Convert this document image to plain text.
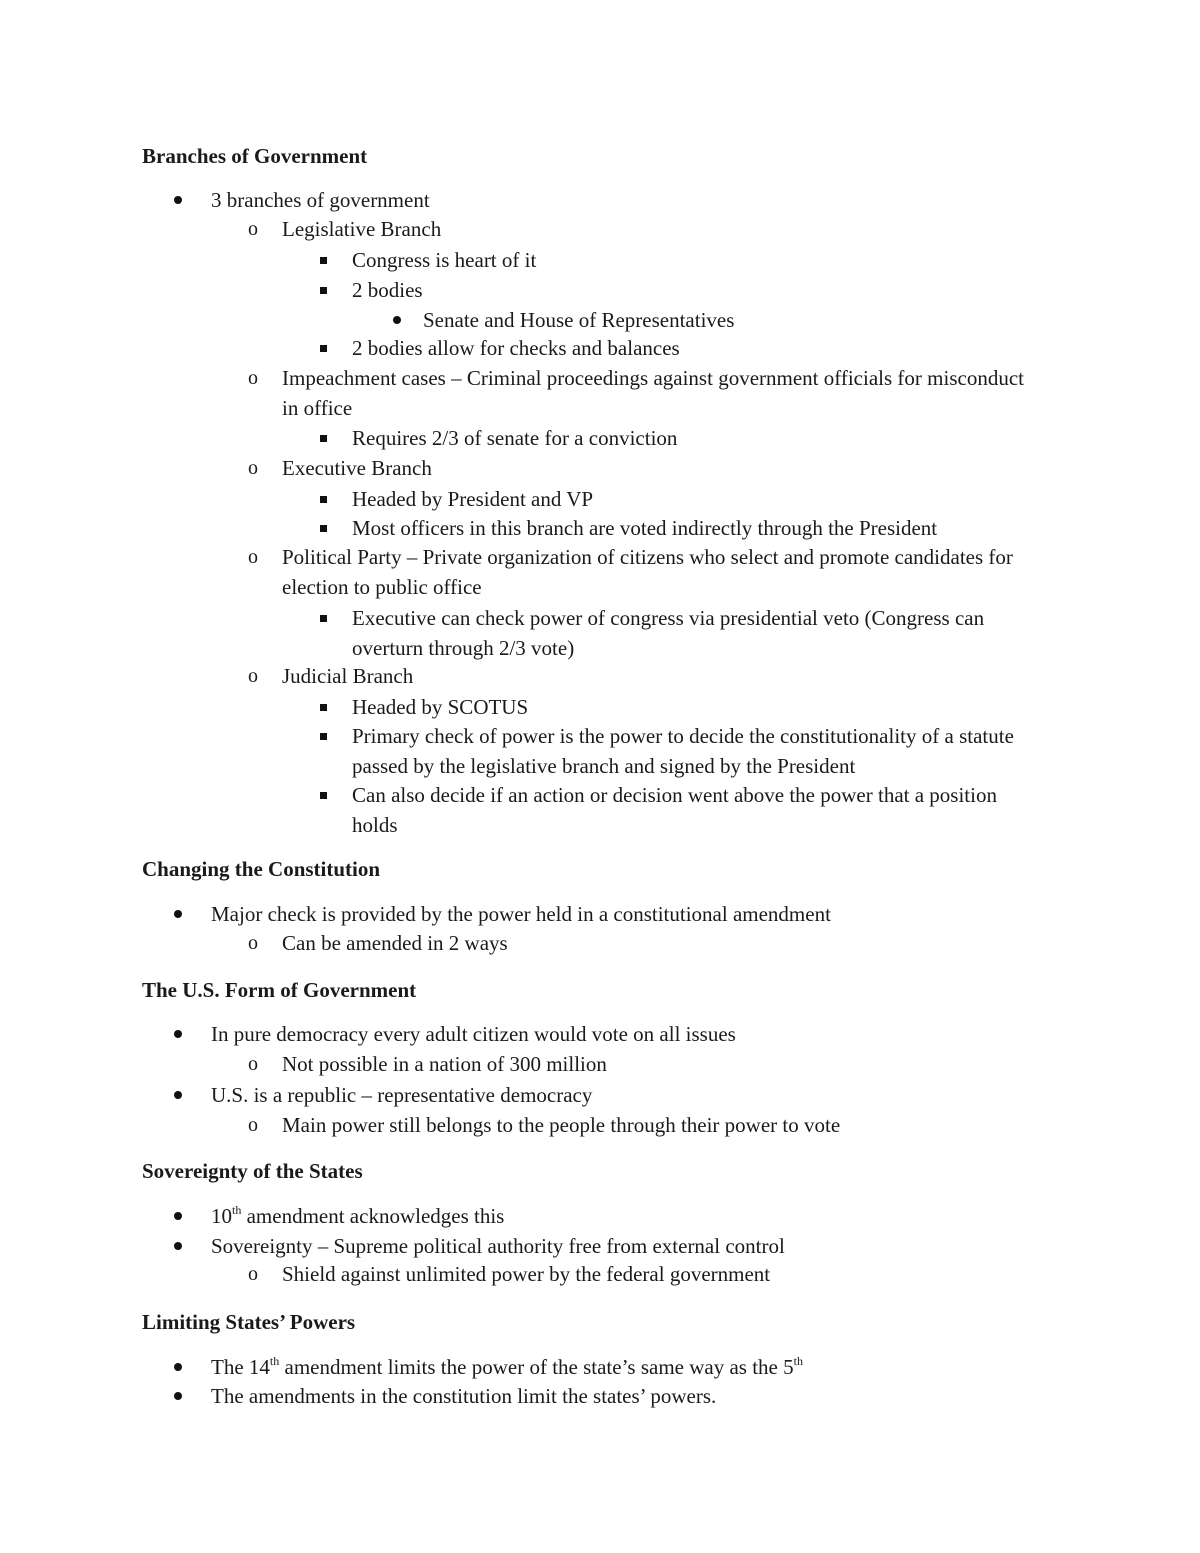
Branches of Government

3 branches of government

o Legislative Branch

Congress is heart of it

2 bodies

Senate and House of Representatives

2 bodies allow for checks and balances

o Impeachment cases – Criminal proceedings against government officials for misconduct in office

Requires 2/3 of senate for a conviction

o Executive Branch

Headed by President and VP

Most officers in this branch are voted indirectly through the President

o Political Party – Private organization of citizens who select and promote candidates for election to public office

Executive can check power of congress via presidential veto (Congress can overturn through 2/3 vote)

o Judicial Branch

Headed by SCOTUS

Primary check of power is the power to decide the constitutionality of a statute passed by the legislative branch and signed by the President

Can also decide if an action or decision went above the power that a position holds

Changing the Constitution

Major check is provided by the power held in a constitutional amendment

o Can be amended in 2 ways

The U.S. Form of Government

In pure democracy every adult citizen would vote on all issues

o Not possible in a nation of 300 million

U.S. is a republic – representative democracy

o Main power still belongs to the people through their power to vote

Sovereignty of the States

10th amendment acknowledges this

Sovereignty – Supreme political authority free from external control

o Shield against unlimited power by the federal government

Limiting States’ Powers

The 14th amendment limits the power of the state’s same way as the 5th

The amendments in the constitution limit the states’ powers.
